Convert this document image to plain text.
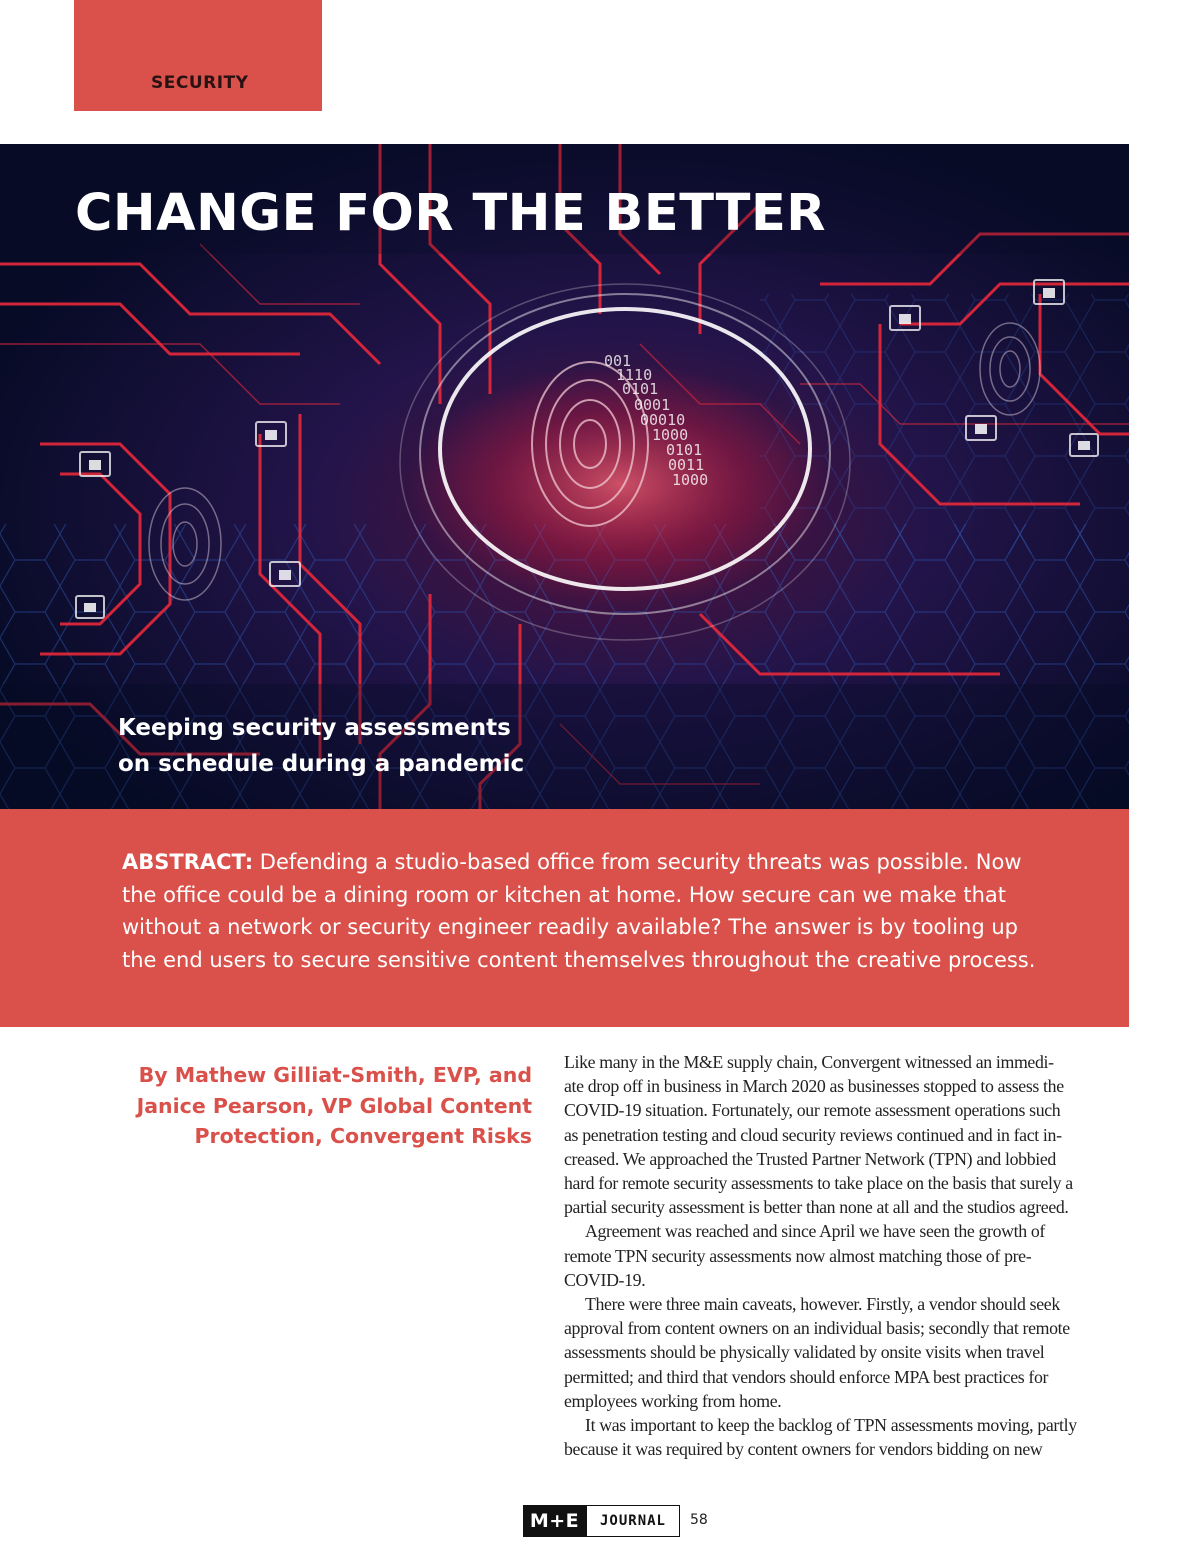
SECURITY
001
1110
0101
0001
00010
1000
0101
0011
1000
CHANGE FOR THE BETTER

Keeping security assessments
on schedule during a pandemic

ABSTRACT: Defending a studio-based office from security threats was possible. Now
the office could be a dining room or kitchen at home. How secure can we make that
without a network or security engineer readily available? The answer is by tooling up
the end users to secure sensitive content themselves throughout the creative process.

By Mathew Gilliat-Smith, EVP, and
Janice Pearson, VP Global Content
Protection, Convergent Risks

Like many in the M&E supply chain, Convergent witnessed an immedi-
ate drop off in business in March 2020 as businesses stopped to assess the
COVID-19 situation. Fortunately, our remote assessment operations such
as penetration testing and cloud security reviews continued and in fact in-
creased. We approached the Trusted Partner Network (TPN) and lobbied
hard for remote security assessments to take place on the basis that surely a
partial security assessment is better than none at all and the studios agreed.
Agreement was reached and since April we have seen the growth of
remote TPN security assessments now almost matching those of pre-
COVID-19.
There were three main caveats, however. Firstly, a vendor should seek
approval from content owners on an individual basis; secondly that remote
assessments should be physically validated by onsite visits when travel
permitted; and third that vendors should enforce MPA best practices for
employees working from home.
It was important to keep the backlog of TPN assessments moving, partly
because it was required by content owners for vendors bidding on new
M+E	JOURNAL	58
